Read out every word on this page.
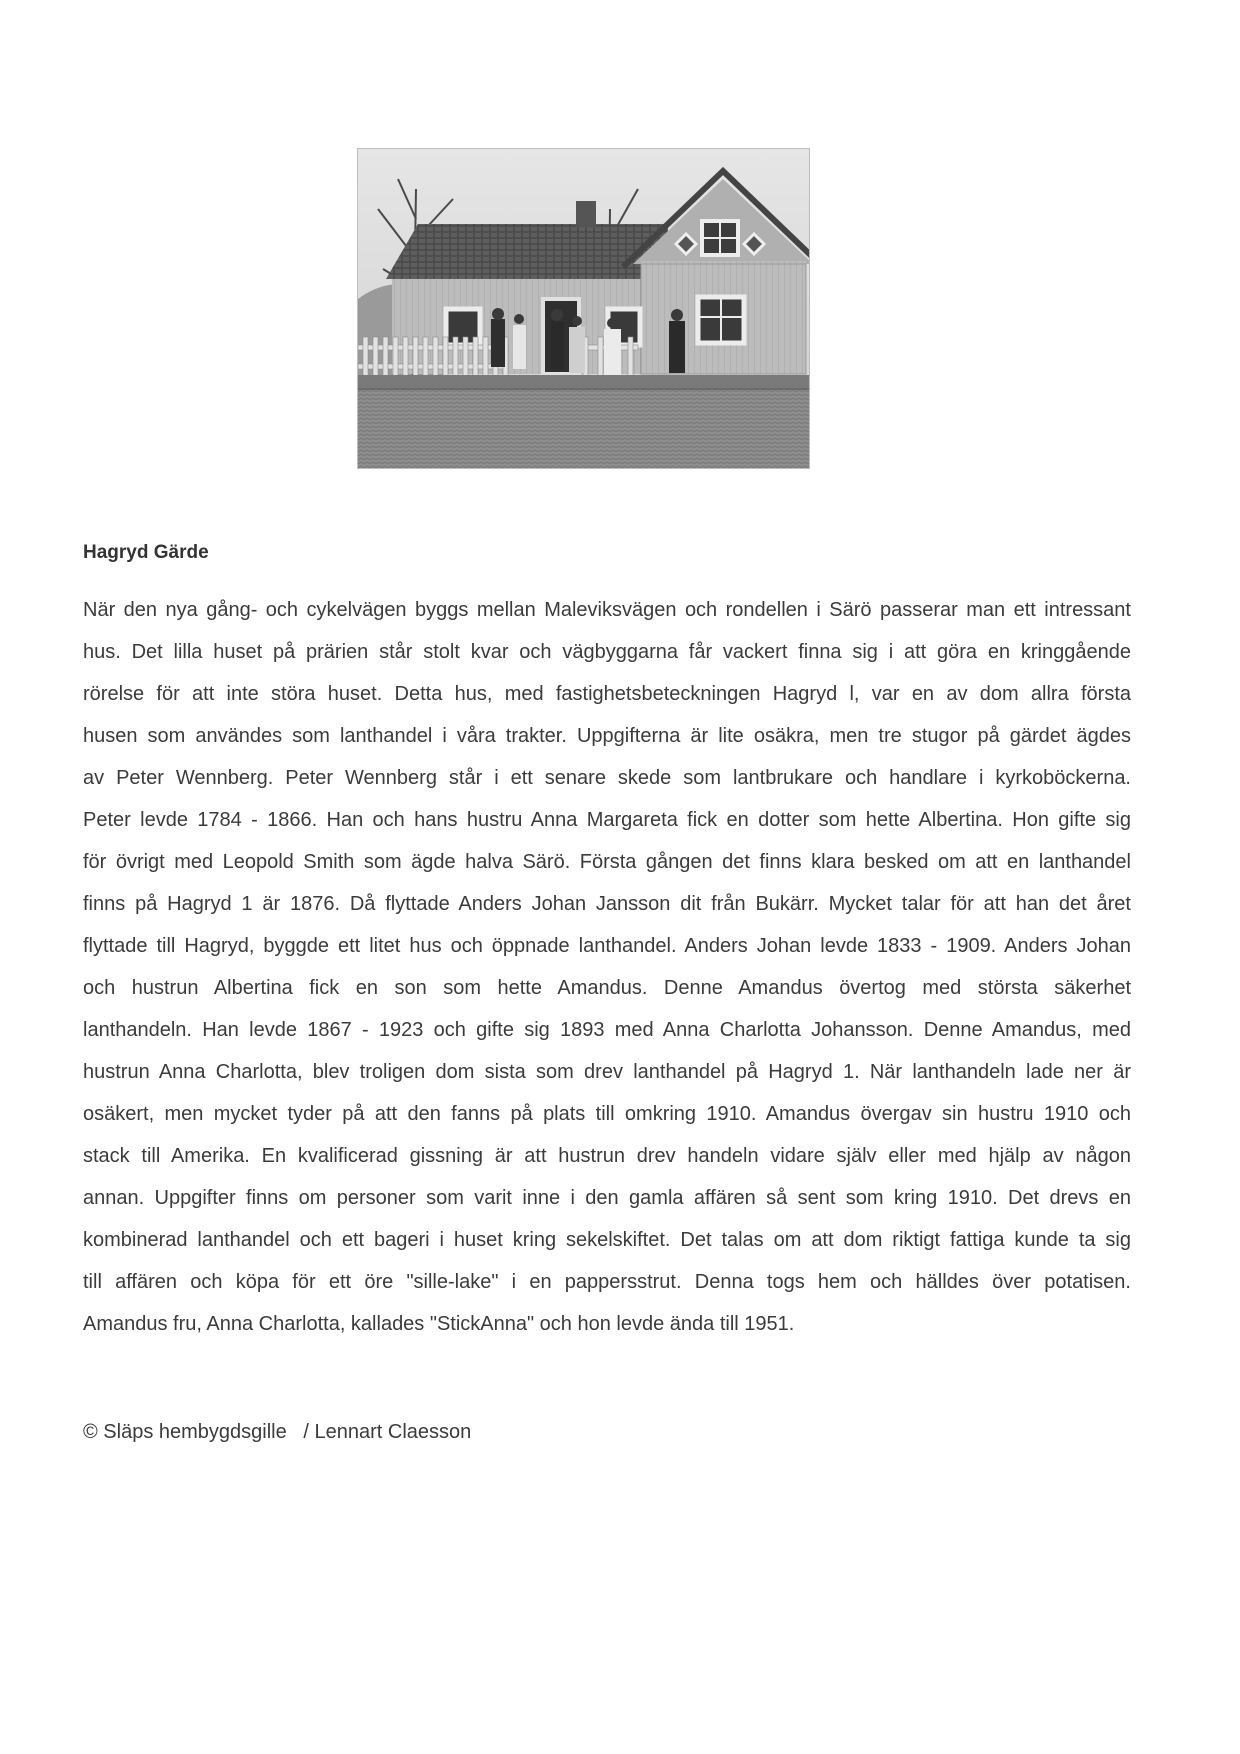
Hagryd Gärde
När den nya gång- och cykelvägen byggs mellan Maleviksvägen och rondellen i Särö passerar man ett intressant
hus. Det lilla huset på prärien står stolt kvar och vägbyggarna får vackert finna sig i att göra en kringgående
rörelse för att inte störa huset. Detta hus, med fastighetsbeteckningen Hagryd l, var en av dom allra första
husen som användes som lanthandel i våra trakter. Uppgifterna är lite osäkra, men tre stugor på gärdet ägdes
av Peter Wennberg. Peter Wennberg står i ett senare skede som lantbrukare och handlare i kyrkoböckerna.
Peter levde 1784 - 1866. Han och hans hustru Anna Margareta fick en dotter som hette Albertina. Hon gifte sig
för övrigt med Leopold Smith som ägde halva Särö. Första gången det finns klara besked om att en lanthandel
finns på Hagryd 1 är 1876. Då flyttade Anders Johan Jansson dit från Bukärr. Mycket talar för att han det året
flyttade till Hagryd, byggde ett litet hus och öppnade lanthandel. Anders Johan levde 1833 - 1909. Anders Johan
och hustrun Albertina fick en son som hette Amandus. Denne Amandus övertog med största säkerhet
lanthandeln. Han levde 1867 - 1923 och gifte sig 1893 med Anna Charlotta Johansson. Denne Amandus, med
hustrun Anna Charlotta, blev troligen dom sista som drev lanthandel på Hagryd 1. När lanthandeln lade ner är
osäkert, men mycket tyder på att den fanns på plats till omkring 1910. Amandus övergav sin hustru 1910 och
stack till Amerika. En kvalificerad gissning är att hustrun drev handeln vidare själv eller med hjälp av någon
annan. Uppgifter finns om personer som varit inne i den gamla affären så sent som kring 1910. Det drevs en
kombinerad lanthandel och ett bageri i huset kring sekelskiftet. Det talas om att dom riktigt fattiga kunde ta sig
till affären och köpa för ett öre "sille-lake" i en pappersstrut. Denna togs hem och hälldes över potatisen.
Amandus fru, Anna Charlotta, kallades "StickAnna" och hon levde ända till 1951.
© Släps hembygdsgille   / Lennart Claesson
